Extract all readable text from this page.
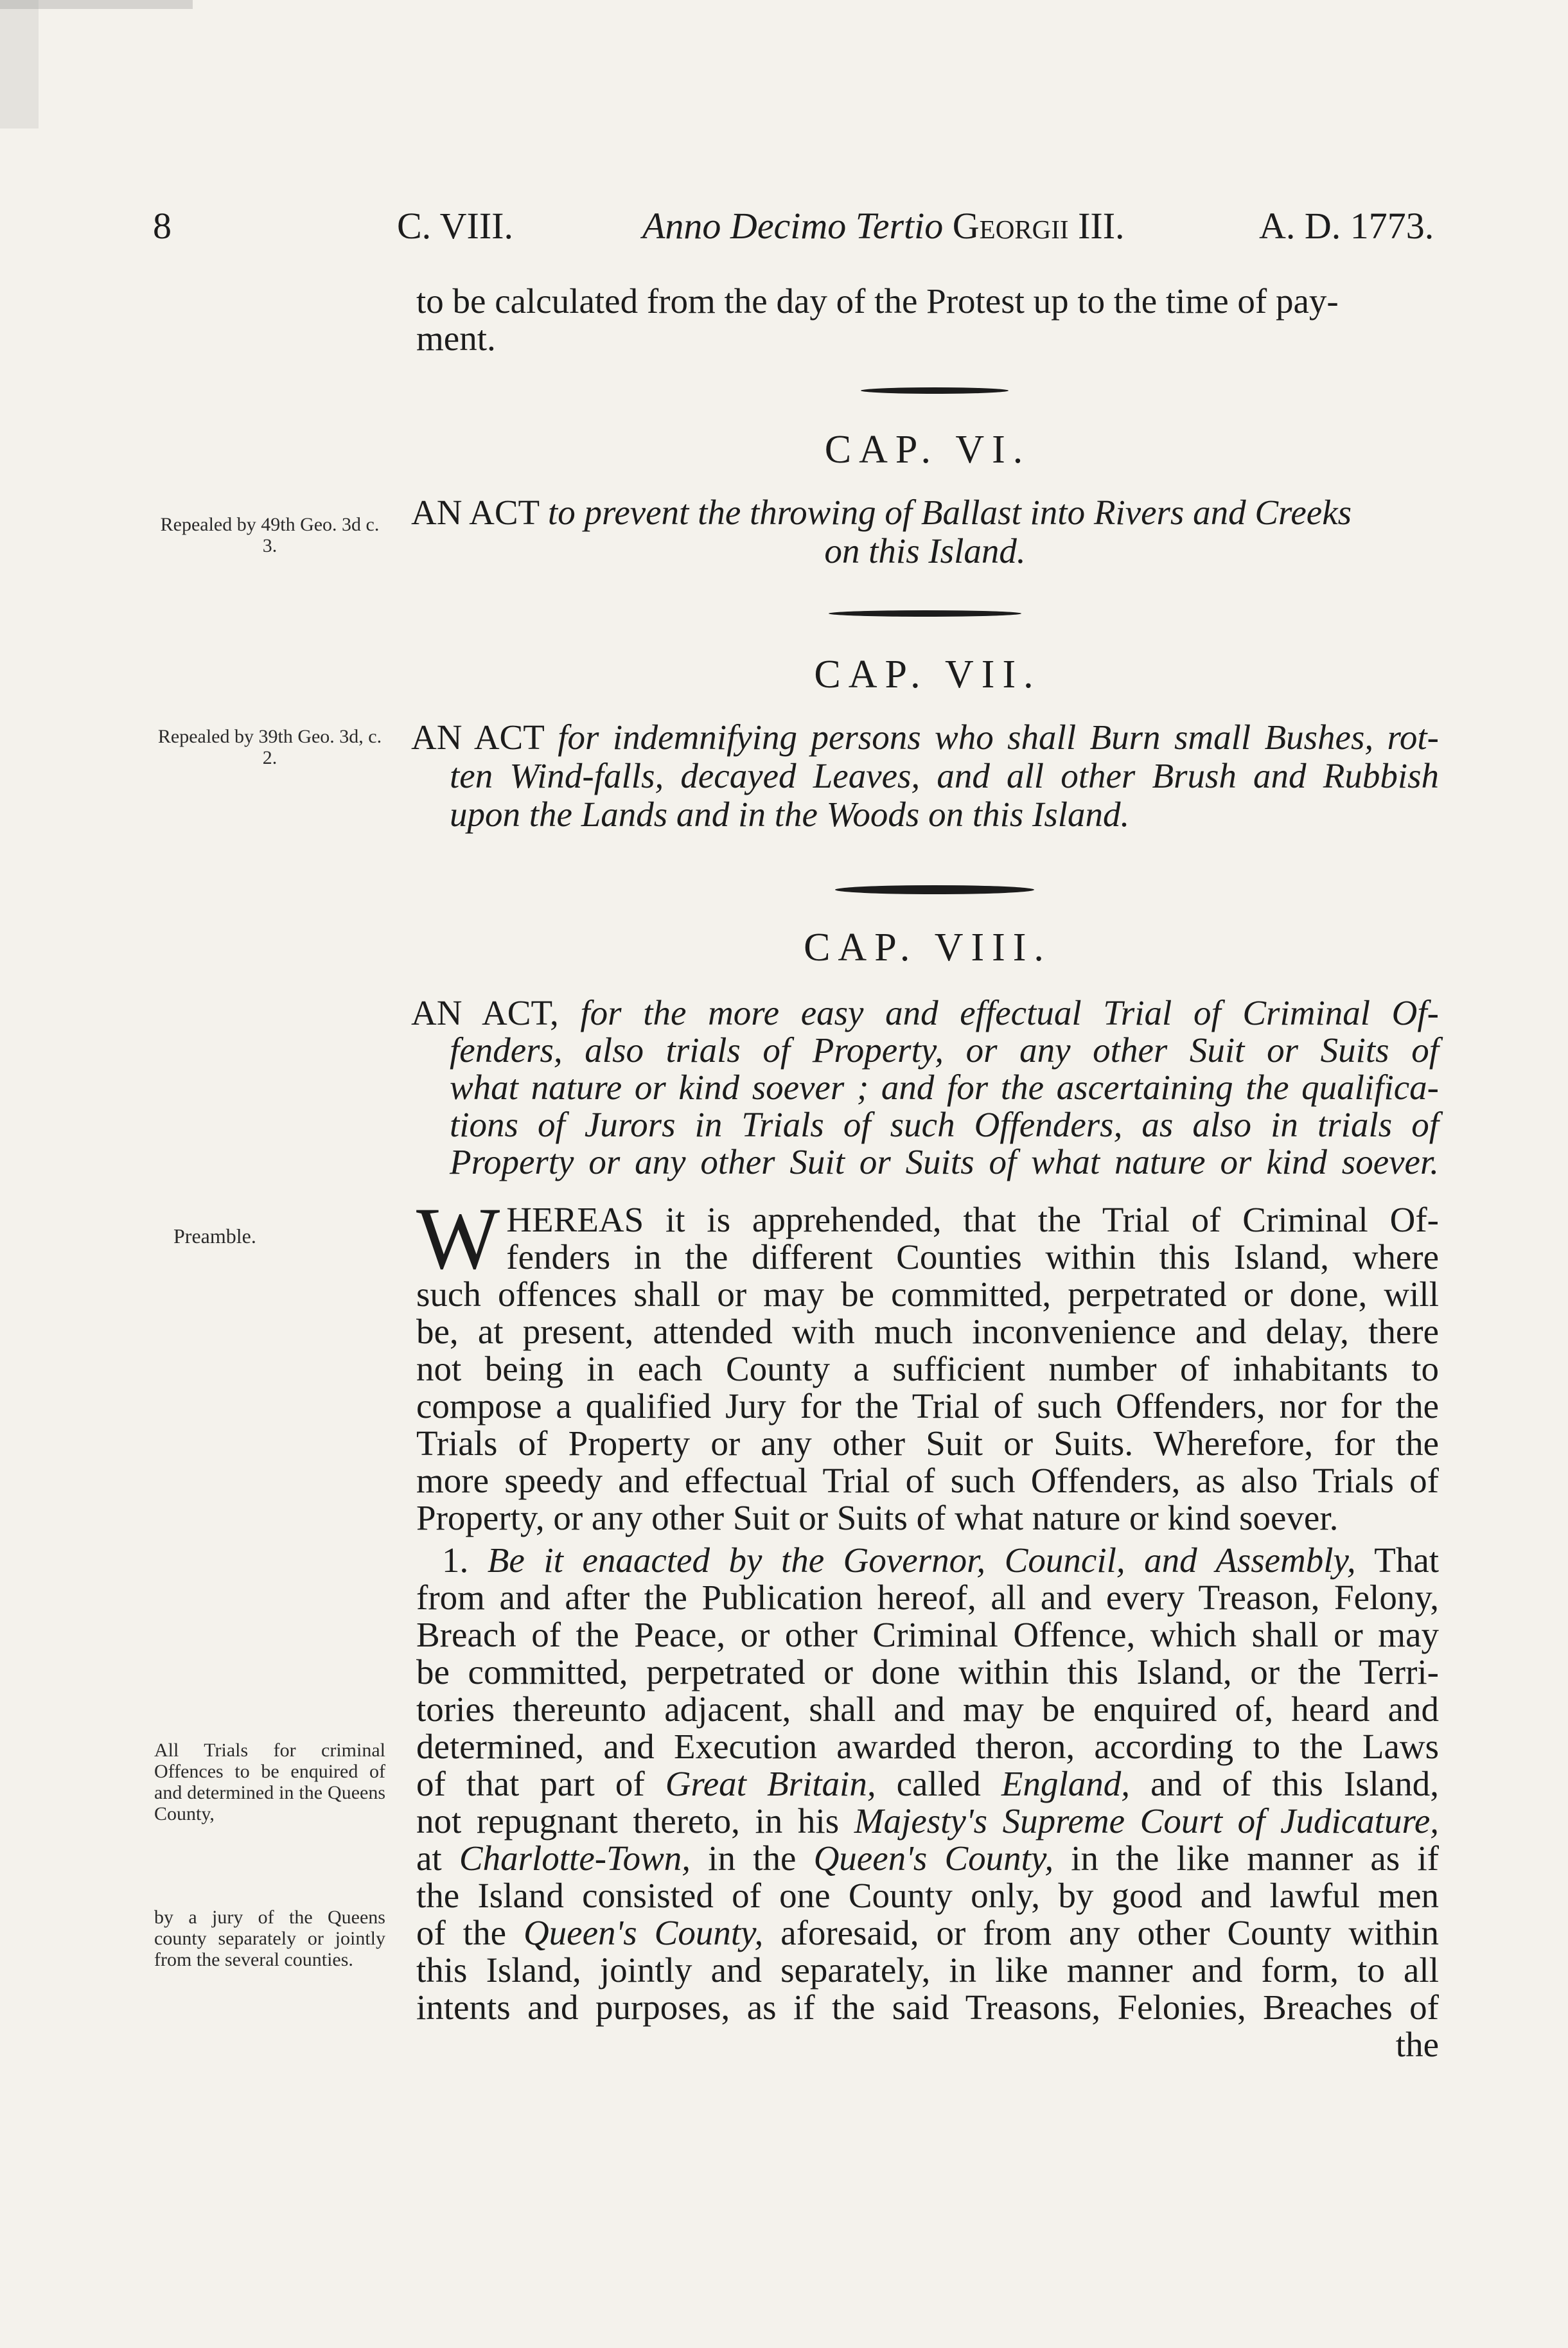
8	C. VIII.	Anno Decimo Tertio Georgii III.	A. D. 1773.
to be calculated from the day of the Protest up to the time of pay-
ment.
CAP. VI.
Repealed by 49th Geo. 3d c. 3.
AN ACT to prevent the throwing of Ballast into Rivers and Creeks
on this Island.
CAP. VII.
Repealed by 39th Geo. 3d, c. 2.
AN ACT for indemnifying persons who shall Burn small Bushes, rot-
ten Wind-falls, decayed Leaves, and all other Brush and Rubbish
upon the Lands and in the Woods on this Island.
CAP. VIII.
AN ACT, for the more easy and effectual Trial of Criminal Of-
fenders, also trials of Property, or any other Suit or Suits of
what nature or kind soever ; and for the ascertaining the qualifica-
tions of Jurors in Trials of such Offenders, as also in trials of
Property or any other Suit or Suits of what nature or kind soever.
Preamble.	W HEREAS it is apprehended, that the Trial of Criminal Of-
fenders in the different Counties within this Island, where
such offences shall or may be committed, perpetrated or done, will
be, at present, attended with much inconvenience and delay, there
not being in each County a sufficient number of inhabitants to
compose a qualified Jury for the Trial of such Offenders, nor for the
Trials of Property or any other Suit or Suits. Wherefore, for the
more speedy and effectual Trial of such Offenders, as also Trials of
Property, or any other Suit or Suits of what nature or kind soever.
All Trials for criminal Offences to be enquired of and determined in the Queens County,
by a jury of the Queens county separately or jointly from the several counties.
1. Be it enaacted by the Governor, Council, and Assembly, That
from and after the Publication hereof, all and every Treason, Felony,
Breach of the Peace, or other Criminal Offence, which shall or may
be committed, perpetrated or done within this Island, or the Terri-
tories thereunto adjacent, shall and may be enquired of, heard and
determined, and Execution awarded theron, according to the Laws
of that part of Great Britain, called England, and of this Island,
not repugnant thereto, in his Majesty's Supreme Court of Judicature,
at Charlotte-Town, in the Queen's County, in the like manner as if
the Island consisted of one County only, by good and lawful men
of the Queen's County, aforesaid, or from any other County within
this Island, jointly and separately, in like manner and form, to all
intents and purposes, as if the said Treasons, Felonies, Breaches of
the
